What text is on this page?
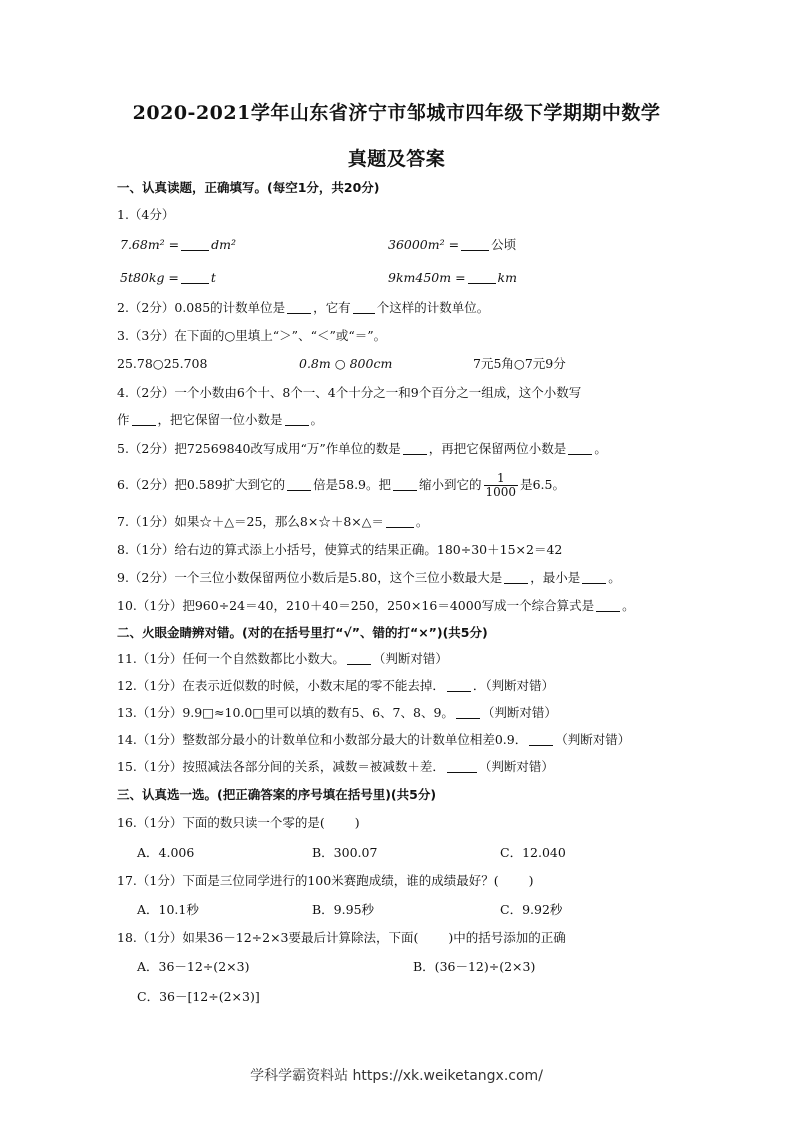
2020-2021学年山东省济宁市邹城市四年级下学期期中数学
真题及答案
一、认真读题，正确填写。(每空1分，共20分)
1.（4分）
7.68m² =	dm²	36000m² =	公顷
5t80kg =	t	9km450m =	km
2.（2分）0.085的计数单位是 ，它有 个这样的计数单位。
3.（3分）在下面的○里填上“＞”、“＜”或“＝”。
25.78○25.708	0.8m ○ 800cm	7元5角○7元9分
4.（2分）一个小数由6个十、8个一、4个十分之一和9个百分之一组成，这个小数写
作 ，把它保留一位小数是 。
5.（2分）把72569840改写成用“万”作单位的数是 ，再把它保留两位小数是 。
6.（2分）把0.589扩大到它的 倍是58.9。把 缩小到它的 $\frac{1}{1000}$ 是6.5。
7.（1分）如果☆＋△＝25，那么8×☆＋8×△＝	。
8.（1分）给右边的算式添上小括号，使算式的结果正确。180÷30＋15×2＝42
9.（2分）一个三位小数保留两位小数后是5.80，这个三位小数最大是 ，最小是 。
10.（1分）把960÷24＝40，210＋40＝250，250×16＝4000写成一个综合算式是 。
二、火眼金睛辨对错。(对的在括号里打“√”、错的打“×”)(共5分)
11.（1分）任何一个自然数都比小数大。 （判断对错）
12.（1分）在表示近似数的时候，小数末尾的零不能去掉． ．（判断对错）
13.（1分）9.9□≈10.0□里可以填的数有5、6、7、8、9。 （判断对错）
14.（1分）整数部分最小的计数单位和小数部分最大的计数单位相差0.9． （判断对错）
15.（1分）按照减法各部分间的关系，减数＝被减数＋差．	（判断对错）
三、认真选一选。(把正确答案的序号填在括号里)(共5分)
16.（1分）下面的数只读一个零的是( )
A．4.006	B．300.07	C．12.040
17.（1分）下面是三位同学进行的100米赛跑成绩，谁的成绩最好？( )
A．10.1秒	B．9.95秒	C．9.92秒
18.（1分）如果36－12÷2×3要最后计算除法，下面( )中的括号添加的正确
A．36－12÷(2×3)	B．(36－12)÷(2×3)
C．36－[12÷(2×3)]
学科学霸资料站 https://xk.weiketangx.com/
